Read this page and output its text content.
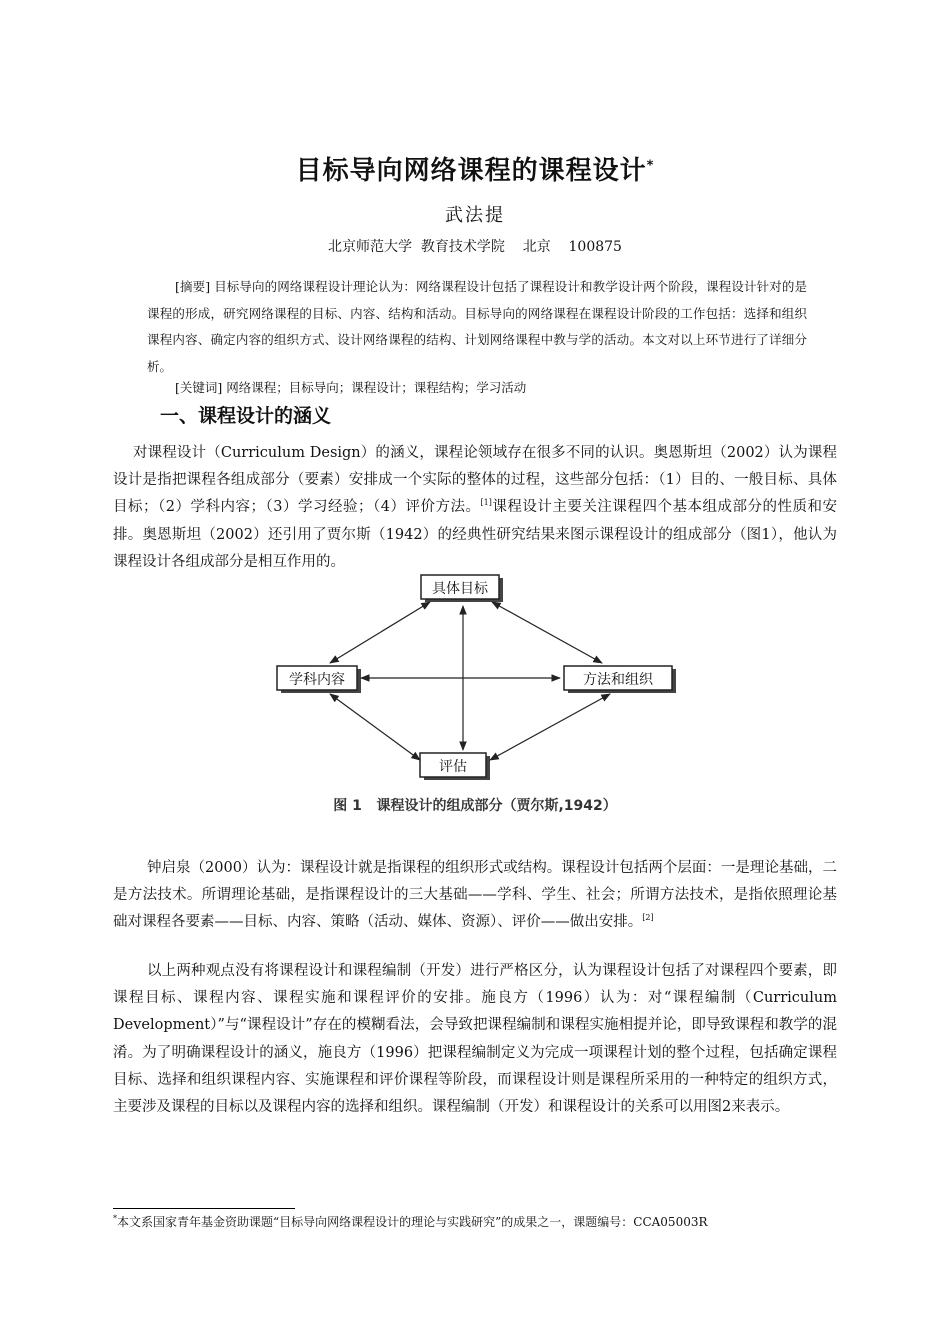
目标导向网络课程的课程设计*
武法提
北京师范大学  教育技术学院    北京    100875
[摘要] 目标导向的网络课程设计理论认为：网络课程设计包括了课程设计和教学设计两个阶段，课程设计针对的是课程的形成，研究网络课程的目标、内容、结构和活动。目标导向的网络课程在课程设计阶段的工作包括：选择和组织课程内容、确定内容的组织方式、设计网络课程的结构、计划网络课程中教与学的活动。本文对以上环节进行了详细分析。
[关键词] 网络课程；目标导向；课程设计；课程结构；学习活动
一、课程设计的涵义
对课程设计（Curriculum Design）的涵义，课程论领域存在很多不同的认识。奥恩斯坦（2002）认为课程设计是指把课程各组成部分（要素）安排成一个实际的整体的过程，这些部分包括：（1）目的、一般目标、具体目标；（2）学科内容；（3）学习经验；（4）评价方法。[1]课程设计主要关注课程四个基本组成部分的性质和安排。奥恩斯坦（2002）还引用了贾尔斯（1942）的经典性研究结果来图示课程设计的组成部分（图1），他认为课程设计各组成部分是相互作用的。
具体目标
学科内容	方法和组织
评估
图 1   课程设计的组成部分（贾尔斯,1942）
钟启泉（2000）认为：课程设计就是指课程的组织形式或结构。课程设计包括两个层面：一是理论基础，二是方法技术。所谓理论基础，是指课程设计的三大基础——学科、学生、社会；所谓方法技术，是指依照理论基础对课程各要素——目标、内容、策略（活动、媒体、资源）、评价——做出安排。[2]
以上两种观点没有将课程设计和课程编制（开发）进行严格区分，认为课程设计包括了对课程四个要素，即课程目标、课程内容、课程实施和课程评价的安排。施良方（1996）认为：对“课程编制（Curriculum Development）”与“课程设计”存在的模糊看法，会导致把课程编制和课程实施相提并论，即导致课程和教学的混淆。为了明确课程设计的涵义，施良方（1996）把课程编制定义为完成一项课程计划的整个过程，包括确定课程目标、选择和组织课程内容、实施课程和评价课程等阶段，而课程设计则是课程所采用的一种特定的组织方式，主要涉及课程的目标以及课程内容的选择和组织。课程编制（开发）和课程设计的关系可以用图2来表示。
*本文系国家青年基金资助课题“目标导向网络课程设计的理论与实践研究”的成果之一，课题编号：CCA05003R
